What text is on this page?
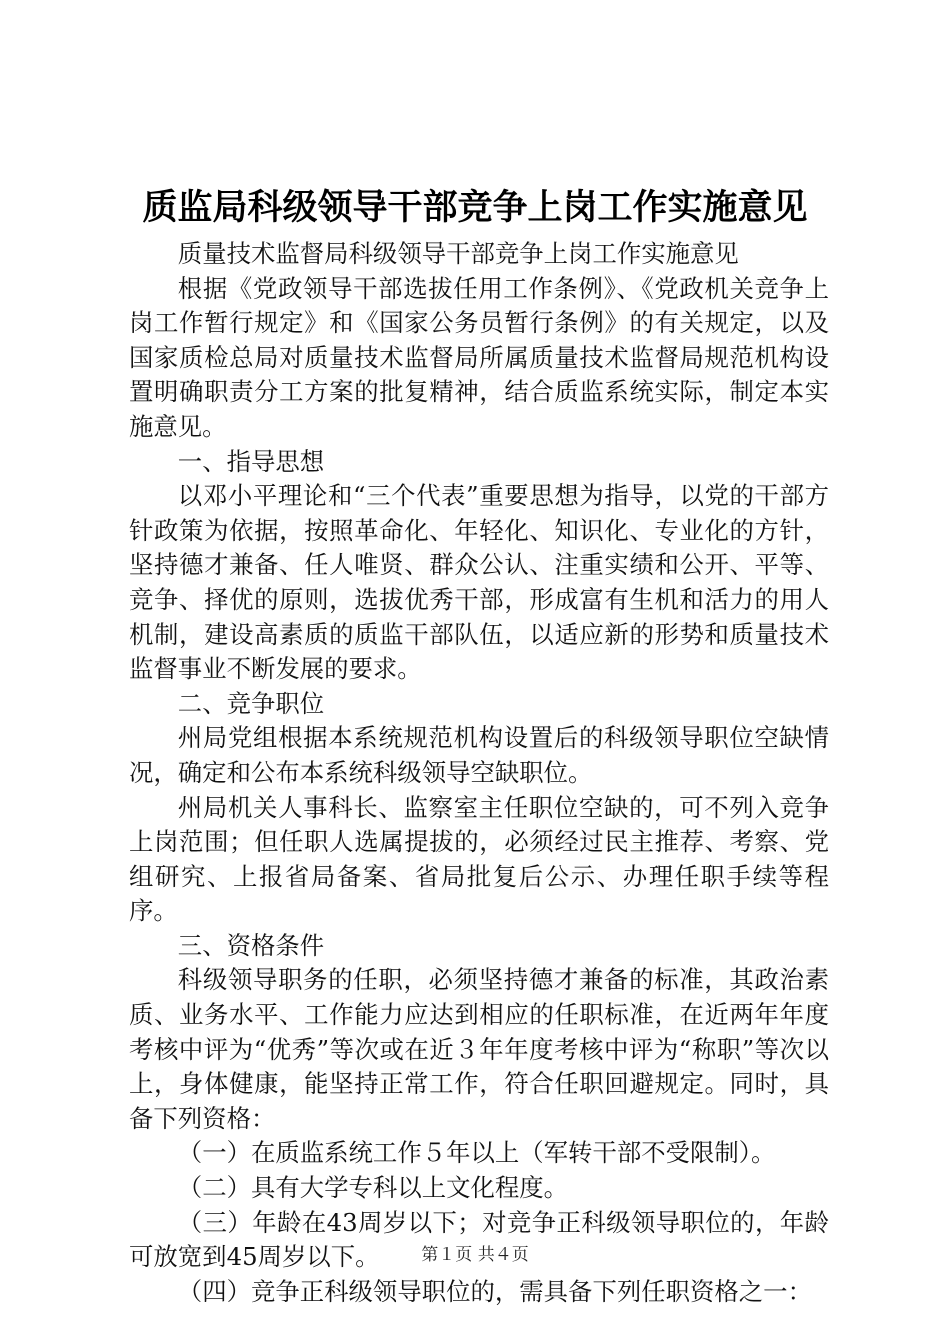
质监局科级领导干部竞争上岗工作实施意见

质量技术监督局科级领导干部竞争上岗工作实施意见

根据《党政领导干部选拔任用工作条例》、《党政机关竞争上岗工作暂行规定》和《国家公务员暂行条例》的有关规定，以及国家质检总局对质量技术监督局所属质量技术监督局规范机构设置明确职责分工方案的批复精神，结合质监系统实际，制定本实施意见。

一、指导思想

以邓小平理论和“三个代表”重要思想为指导，以党的干部方针政策为依据，按照革命化、年轻化、知识化、专业化的方针，坚持德才兼备、任人唯贤、群众公认、注重实绩和公开、平等、竞争、择优的原则，选拔优秀干部，形成富有生机和活力的用人机制，建设高素质的质监干部队伍，以适应新的形势和质量技术监督事业不断发展的要求。

二、竞争职位

州局党组根据本系统规范机构设置后的科级领导职位空缺情况，确定和公布本系统科级领导空缺职位。

州局机关人事科长、监察室主任职位空缺的，可不列入竞争上岗范围；但任职人选属提拔的，必须经过民主推荐、考察、党组研究、上报省局备案、省局批复后公示、办理任职手续等程序。

三、资格条件

科级领导职务的任职，必须坚持德才兼备的标准，其政治素质、业务水平、工作能力应达到相应的任职标准，在近两年年度考核中评为“优秀”等次或在近３年年度考核中评为“称职”等次以上，身体健康，能坚持正常工作，符合任职回避规定。同时，具备下列资格：

（一）在质监系统工作５年以上（军转干部不受限制）。

（二）具有大学专科以上文化程度。

（三）年龄在43周岁以下；对竞争正科级领导职位的，年龄可放宽到45周岁以下。

（四）竞争正科级领导职位的，需具备下列任职资格之一：

第１页 共４页
